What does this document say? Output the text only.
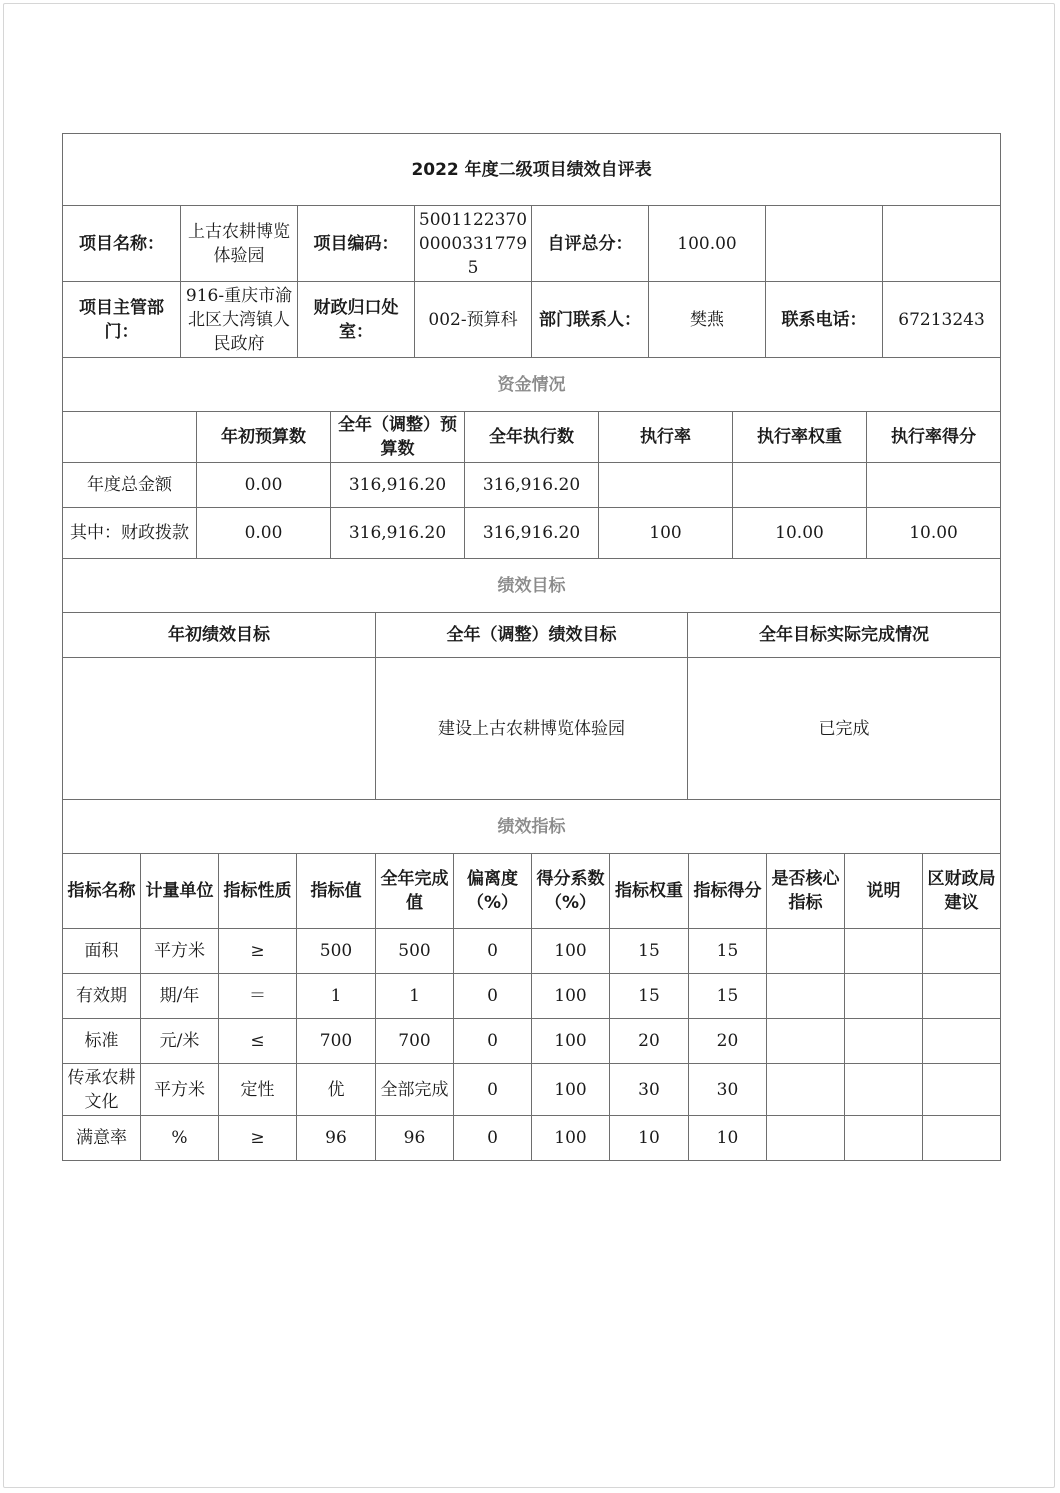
2022 年度二级项目绩效自评表							
项目名称：	上古农耕博览体验园	项目编码：	500112237000003317795	自评总分：	100.00		
项目主管部门：	916-重庆市渝北区大湾镇人民政府	财政归口处室：	002-预算科	部门联系人：	樊燕	联系电话：	67213243
资金情况						
	年初预算数	全年（调整）预算数	全年执行数	执行率	执行率权重	执行率得分
年度总金额	0.00	316,916.20	316,916.20			
其中：财政拨款	0.00	316,916.20	316,916.20	100	10.00	10.00
绩效目标		
年初绩效目标	全年（调整）绩效目标	全年目标实际完成情况
	建设上古农耕博览体验园	已完成
绩效指标											
指标名称	计量单位	指标性质	指标值	全年完成值	偏离度（%）	得分系数（%）	指标权重	指标得分	是否核心指标	说明	区财政局建议
面积	平方米	≥	500	500	0	100	15	15			
有效期	期/年	＝	1	1	0	100	15	15			
标准	元/米	≤	700	700	0	100	20	20			
传承农耕文化	平方米	定性	优	全部完成	0	100	30	30			
满意率	%	≥	96	96	0	100	10	10			
